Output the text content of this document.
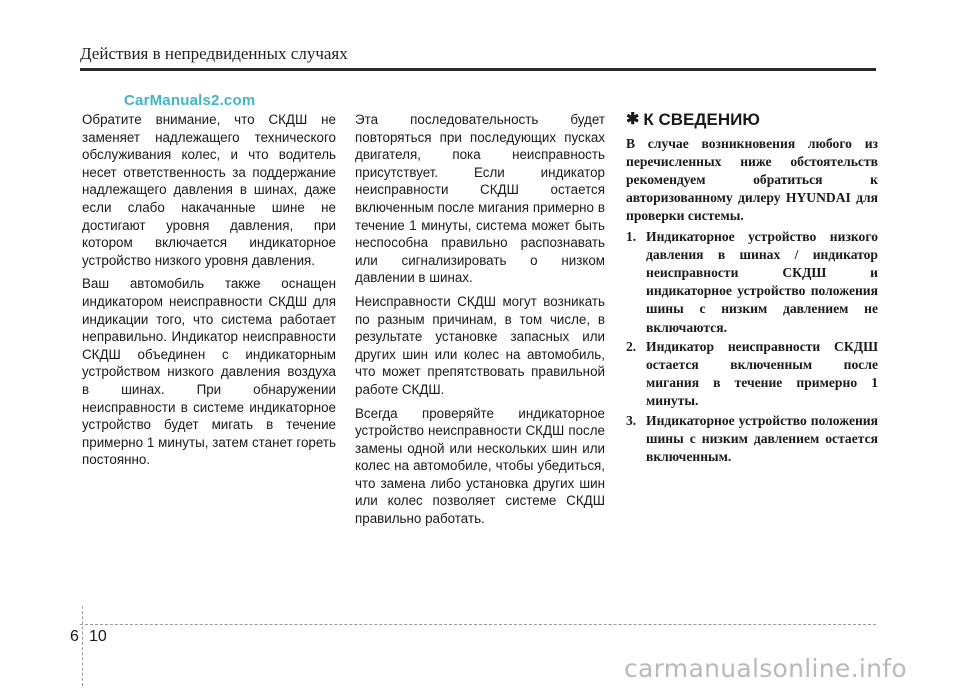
Действия в непредвиденных случаях
CarManuals2.com

Обратите внимание, что СКДШ не заменяет надлежащего технического обслуживания колес, и что водитель несет ответственность за поддержание надлежащего давления в шинах, даже если слабо накачанные шине не достигают уровня давления, при котором включается индикаторное устройство низкого уровня давления.

Ваш автомобиль также оснащен индикатором неисправности СКДШ для индикации того, что система работает неправильно. Индикатор неисправности СКДШ объединен с индикаторным устройством низкого давления воздуха в шинах. При обнаружении неисправности в системе индикаторное устройство будет мигать в течение примерно 1 минуты, затем станет гореть постоянно.

Эта последовательность будет повторяться при последующих пусках двигателя, пока неисправность присутствует. Если индикатор неисправности СКДШ остается включенным после мигания примерно в течение 1 минуты, система может быть неспособна правильно распознавать или сигнализировать о низком давлении в шинах.

Неисправности СКДШ могут возникать по разным причинам, в том числе, в результате установке запасных или других шин или колес на автомобиль, что может препятствовать правильной работе СКДШ.

Всегда проверяйте индикаторное устройство неисправности СКДШ после замены одной или нескольких шин или колес на автомобиле, чтобы убедиться, что замена либо установка других шин или колес позволяет системе СКДШ правильно работать.

✱ К СВЕДЕНИЮ

В случае возникновения любого из перечисленных ниже обстоятельств рекомендуем обратиться к авторизованному дилеру HYUNDAI для проверки системы.

1. Индикаторное устройство низкого давления в шинах / индикатор неисправности СКДШ и индикаторное устройство положения шины с низким давлением не включаются.
2. Индикатор неисправности СКДШ остается включенным после мигания в течение примерно 1 минуты.
3. Индикаторное устройство положения шины с низким давлением остается включенным.
6 10
carmanualsonline.info
